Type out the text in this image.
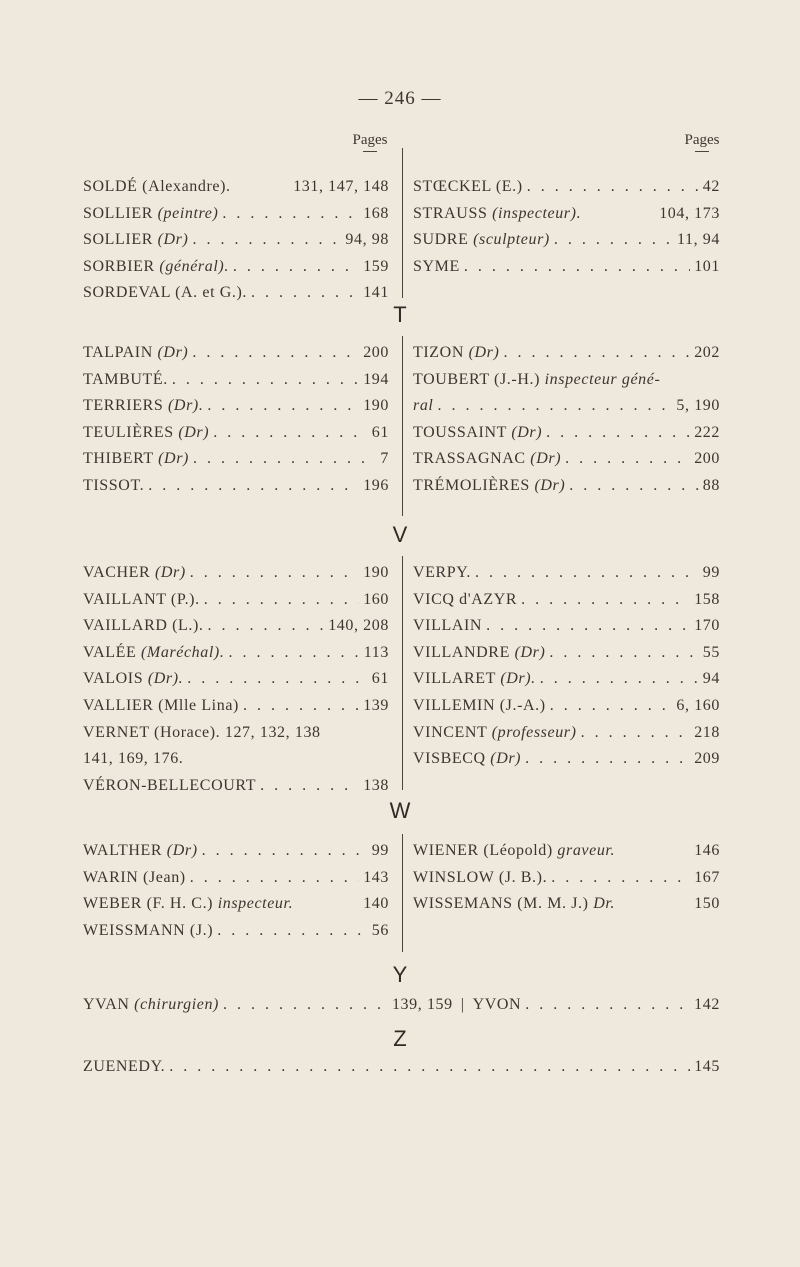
— 246 —
Pages	Pages
SOLDÉ (Alexandre).	131, 147, 148
SOLLIER (peintre) . . .	168
SOLLIER (Dr) . . .	94, 98
SORBIER (général). . . .	159
SORDEVAL (A. et G.). . . .	141
STŒCKEL (E.) . . .	42
STRAUSS (inspecteur).	104, 173
SUDRE (sculpteur) . . .	11, 94
SYME . . .	101
T
TALPAIN (Dr) . . .	200
TAMBUTÉ. . . .	194
TERRIERS (Dr). . . .	190
TEULIÈRES (Dr) . . .	61
THIBERT (Dr) . . .	7
TISSOT. . . .	196
TIZON (Dr) . . .	202
TOUBERT (J.-H.) inspecteur géné-
ral . . .	5, 190
TOUSSAINT (Dr) . . .	222
TRASSAGNAC (Dr) . . .	200
TRÉMOLIÈRES (Dr) . . .	88
V
VACHER (Dr) . . .	190
VAILLANT (P.). . . .	160
VAILLARD (L.). . . .	140, 208
VALÉE (Maréchal). . . .	113
VALOIS (Dr). . . .	61
VALLIER (Mlle Lina) . . .	139
VERNET (Horace). 127, 132, 138
141, 169, 176.
VÉRON-BELLECOURT . . .	138
VERPY. . . .	99
VICQ d'AZYR . . .	158
VILLAIN . . .	170
VILLANDRE (Dr) . . .	55
VILLARET (Dr). . . .	94
VILLEMIN (J.-A.) . . .	6, 160
VINCENT (professeur) . . .	218
VISBECQ (Dr) . . .	209
W
WALTHER (Dr) . . .	99
WARIN (Jean) . . .	143
WEBER (F. H. C.) inspecteur.	140
WEISSMANN (J.) . . .	56
WIENER (Léopold) graveur.	146
WINSLOW (J. B.). . . .	167
WISSEMANS (M. M. J.) Dr.	150
Y
YVAN (chirurgien) . . .	139, 159 | YVON . . .	142
Z
ZUENEDY. . . .	145
